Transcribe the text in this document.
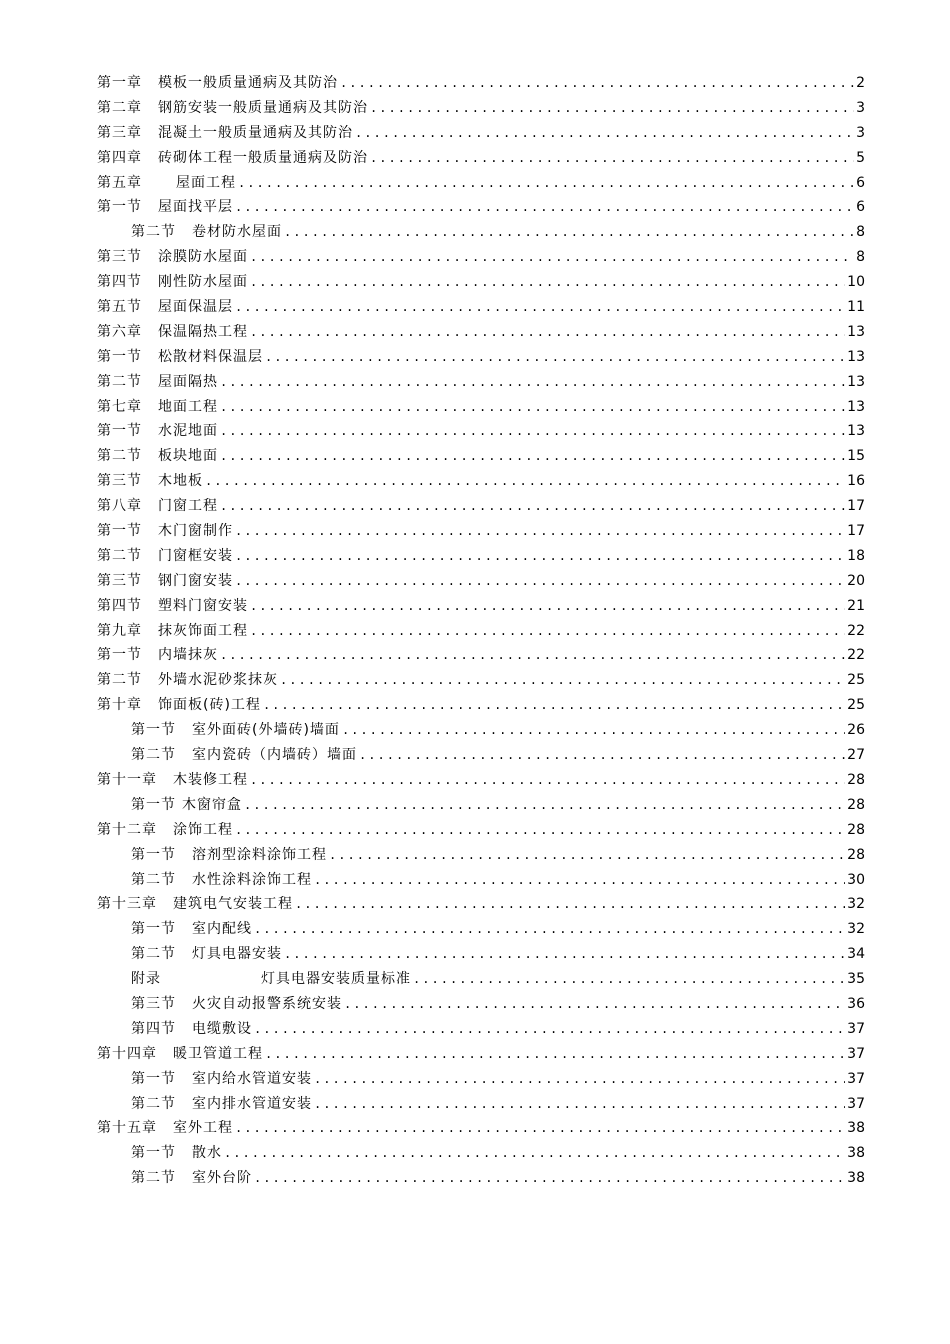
第一章 模板一般质量通病及其防治 . . .	2
第二章 钢筋安装一般质量通病及其防治 . . .	3
第三章 混凝土一般质量通病及其防治 . . .	3
第四章 砖砌体工程一般质量通病及防治 . . .	5
第五章 屋面工程 . . .	6
第一节 屋面找平层 . . .	6
第二节 卷材防水屋面 . . .	8
第三节 涂膜防水屋面 . . .	8
第四节 刚性防水屋面 . . .	10
第五节 屋面保温层 . . .	11
第六章 保温隔热工程 . . .	13
第一节 松散材料保温层 . . .	13
第二节 屋面隔热 . . .	13
第七章 地面工程 . . .	13
第一节 水泥地面 . . .	13
第二节 板块地面 . . .	15
第三节 木地板 . . .	16
第八章 门窗工程 . . .	17
第一节 木门窗制作 . . .	17
第二节 门窗框安装 . . .	18
第三节 钢门窗安装 . . .	20
第四节 塑料门窗安装 . . .	21
第九章 抹灰饰面工程 . . .	22
第一节 内墙抹灰 . . .	22
第二节 外墙水泥砂浆抹灰 . . .	25
第十章 饰面板(砖)工程 . . .	25
第一节 室外面砖(外墙砖)墙面 . . .	26
第二节 室内瓷砖（内墙砖）墙面 . . .	27
第十一章 木装修工程 . . .	28
第一节 木窗帘盒 . . .	28
第十二章 涂饰工程 . . .	28
第一节 溶剂型涂料涂饰工程 . . .	28
第二节 水性涂料涂饰工程 . . .	30
第十三章 建筑电气安装工程 . . .	32
第一节 室内配线 . . .	32
第二节 灯具电器安装 . . .	34
附录	灯具电器安装质量标准 . . .	35
第三节 火灾自动报警系统安装 . . .	36
第四节 电缆敷设 . . .	37
第十四章 暖卫管道工程 . . .	37
第一节 室内给水管道安装 . . .	37
第二节 室内排水管道安装 . . .	37
第十五章 室外工程 . . .	38
第一节 散水 . . .	38
第二节 室外台阶 . . .	38
